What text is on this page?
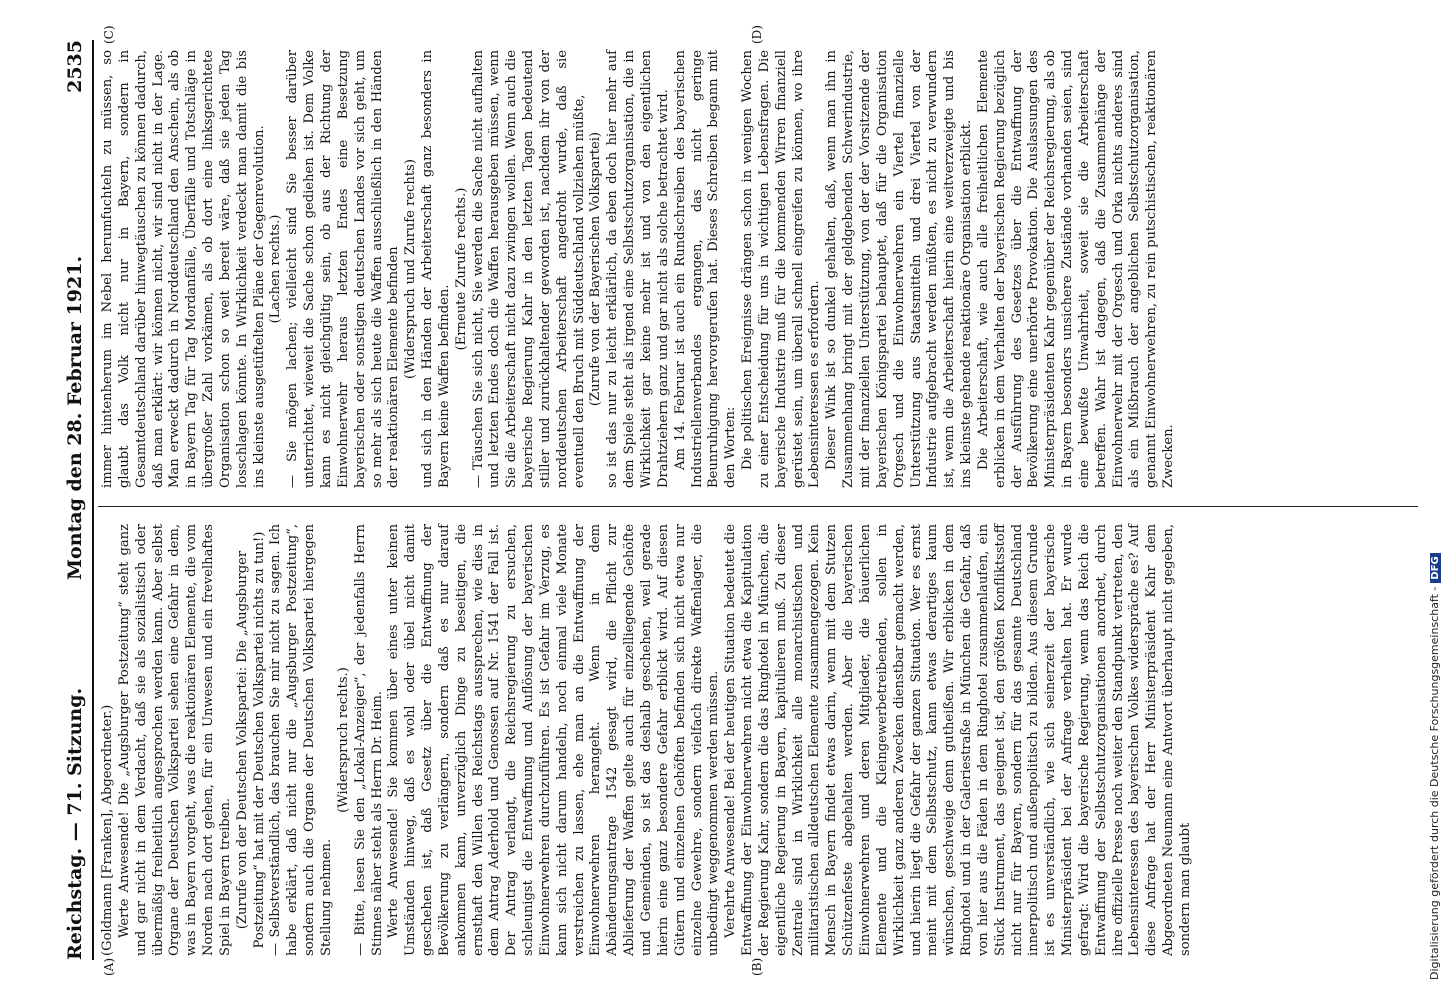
Reichstag. — 71. Sitzung.
Montag den 28. Februar 1921.
2535

(Goldmann [Franken], Abgeordneter.) Werte Anwesende! Die „Augsburger Postzeitung“ steht ganz und gar nicht in dem Verdacht, daß sie als sozialistisch oder übermäßig freiheitlich angesprochen werden kann. Aber selbst Organe der Deutschen Volkspartei sehen eine Gefahr in dem, was in Bayern vorgeht, was die reaktionären Elemente, die vom Norden nach dort gehen, für ein Unwesen und ein frevelhaftes Spiel in Bayern treiben. (Zurufe von der Deutschen Volkspartei: Die „Augsburger Postzeitung“ hat mit der Deutschen Volkspartei nichts zu tun!) — Selbstverständlich, das brauchen Sie mir nicht zu sagen. Ich habe erklärt, daß nicht nur die „Augsburger Postzeitung“, sondern auch die Organe der Deutschen Volkspartei hiergegen Stellung nehmen.

(Widerspruch rechts.) — Bitte, lesen Sie den „Lokal-Anzeiger“, der jedenfalls Herrn Stinnes näher steht als Herrn Dr. Heim. Werte Anwesende! Sie kommen über eines unter keinen Umständen hinweg, daß es wohl oder übel nicht damit geschehen ist, daß Gesetz über die Entwaffnung der Bevölkerung zu verlängern, sondern daß es nur darauf ankommen kann, unverzüglich Dinge zu beseitigen, die ernsthaft den Willen des Reichstags aussprechen, wie dies in dem Antrag Aderhold und Genossen auf Nr. 1541 der Fall ist. Der Antrag verlangt, die Reichsregierung zu ersuchen, schleunigst die Entwaffnung und Auflösung der bayerischen Einwohnerwehren durchzuführen. Es ist Gefahr im Verzug, es kann sich nicht darum handeln, noch einmal viele Monate verstreichen zu lassen, ehe man an die Entwaffnung der Einwohnerwehren herangeht. Wenn in dem Abänderungsantrage 1542 gesagt wird, die Pflicht zur Ablieferung der Waffen gelte auch für einzelliegende Gehöfte und Gemeinden, so ist das deshalb geschehen, weil gerade hierin eine ganz besondere Gefahr erblickt wird. Auf diesen Gütern und einzelnen Gehöften befinden sich nicht etwa nur einzelne Gewehre, sondern vielfach direkte Waffenlager, die unbedingt weggenommen werden müssen. Verehrte Anwesende! Bei der heutigen Situation bedeutet die Entwaffnung der Einwohnerwehren nicht etwa die Kapitulation der Regierung Kahr, sondern die das Ringhotel in München, die eigentliche Regierung in Bayern, kapitulieren muß. Zu dieser Zentrale sind in Wirklichkeit alle monarchistischen und militaristischen alldeutschen Elemente zusammengezogen. Kein Mensch in Bayern findet etwas darin, wenn mit dem Stutzen Schützenfeste abgehalten werden. Aber die bayerischen Einwohnerwehren und deren Mitglieder, die bäuerlichen Elemente und die Kleingewerbetreibenden, sollen in Wirklichkeit ganz anderen Zwecken dienstbar gemacht werden, und hierin liegt die Gefahr der ganzen Situation. Wer es ernst meint mit dem Selbstschutz, kann etwas derartiges kaum wünschen, geschweige denn gutheißen. Wir erblicken in dem Ringhotel und in der Galeriestraße in München die Gefahr, daß von hier aus die Fäden in dem Ringhotel zusammenlaufen, ein Stück Instrument, das geeignet ist, den größten Konfliktsstoff nicht nur für Bayern, sondern für das gesamte Deutschland innerpolitisch und außenpolitisch zu bilden. Aus diesem Grunde ist es unverständlich, wie sich seinerzeit der bayerische Ministerpräsident bei der Anfrage verhalten hat. Er wurde gefragt: Wird die bayerische Regierung, wenn das Reich die Entwaffnung der Selbstschutzorganisationen anordnet, durch ihre offizielle Presse noch weiter den Standpunkt vertreten, den Lebensinteressen des bayerischen Volkes widerspräche es? Auf diese Anfrage hat der Herr Ministerpräsident Kahr dem Abgeordneten Neumann eine Antwort überhaupt nicht gegeben, sondern man glaubt

immer hintenherum im Nebel herumfuchteln zu müssen, so glaubt das Volk nicht nur in Bayern, sondern in Gesamtdeutschland darüber hinwegtäuschen zu können dadurch, daß man erklärt: wir können nicht, wir sind nicht in der Lage. Man erweckt dadurch in Norddeutschland den Anschein, als ob in Bayern Tag für Tag Mordanfälle, Überfälle und Totschläge in übergroßer Zahl vorkämen, als ob dort eine linksgerichtete Organisation schon so weit bereit wäre, daß sie jeden Tag losschlagen könnte. In Wirklichkeit verdeckt man damit die bis ins kleinste ausgetüftelten Pläne der Gegenrevolution. (Lachen rechts.) — Sie mögen lachen; vielleicht sind Sie besser darüber unterrichtet, wieweit die Sache schon gediehen ist. Dem Volke kann es nicht gleichgültig sein, ob aus der Richtung der Einwohnerwehr heraus letzten Endes eine Besetzung bayerischen oder sonstigen deutschen Landes vor sich geht, um so mehr als sich heute die Waffen ausschließlich in den Händen der reaktionären Elemente befinden (Widerspruch und Zurufe rechts) und sich in den Händen der Arbeiterschaft ganz besonders in Bayern keine Waffen befinden.

(Erneute Zurufe rechts.) — Täuschen Sie sich nicht, Sie werden die Sache nicht aufhalten und letzten Endes doch die Waffen herausgeben müssen, wenn Sie die Arbeiterschaft nicht dazu zwingen wollen. Wenn auch die bayerische Regierung Kahr in den letzten Tagen bedeutend stiller und zurückhaltender geworden ist, nachdem ihr von der norddeutschen Arbeiterschaft angedroht wurde, daß sie eventuell den Bruch mit Süddeutschland vollziehen müßte, (Zurufe von der Bayerischen Volkspartei) so ist das nur zu leicht erklärlich, da eben doch hier mehr auf dem Spiele steht als irgend eine Selbstschutzorganisation, die in Wirklichkeit gar keine mehr ist und von den eigentlichen Drahtziehern ganz und gar nicht als solche betrachtet wird. Am 14. Februar ist auch ein Rundschreiben des bayerischen Industriellenverbandes ergangen, das nicht geringe Beunruhigung hervorgerufen hat. Dieses Schreiben begann mit den Worten: Die politischen Ereignisse drängen schon in wenigen Wochen zu einer Entscheidung für uns in wichtigen Lebensfragen. Die bayerische Industrie muß für die kommenden Wirren finanziell gerüstet sein, um überall schnell eingreifen zu können, wo ihre Lebensinteressen es erfordern. Dieser Wink ist so dunkel gehalten, daß, wenn man ihn in Zusammenhang bringt mit der geldgebenden Schwerindustrie, mit der finanziellen Unterstützung, von der der Vorsitzende der bayerischen Königspartei behauptet, daß für die Organisation Orgesch und die Einwohnerwehren ein Viertel finanzielle Unterstützung aus Staatsmitteln und drei Viertel von der Industrie aufgebracht werden müßten, es nicht zu verwundern ist, wenn die Arbeiterschaft hierin eine weitverzweigte und bis ins kleinste gehende reaktionäre Organisation erblickt. Die Arbeiterschaft, wie auch alle freiheitlichen Elemente erblicken in dem Verhalten der bayerischen Regierung bezüglich der Ausführung des Gesetzes über die Entwaffnung der Bevölkerung eine unerhörte Provokation. Die Auslassungen des Ministerpräsidenten Kahr gegenüber der Reichsregierung, als ob in Bayern besonders unsichere Zustände vorhanden seien, sind eine bewußte Unwahrheit, soweit sie die Arbeiterschaft betreffen. Wahr ist dagegen, daß die Zusammenhänge der Einwohnerwehr mit der Orgesch und Orka nichts anderes sind als ein Mißbrauch der angeblichen Selbstschutzorganisation, genannt Einwohnerwehren, zu rein putschistischen, reaktionären Zwecken.

(A)	(B)
(C)	(D)
Digitalisierung gefördert durch die Deutsche Forschungsgemeinschaft -DFG
